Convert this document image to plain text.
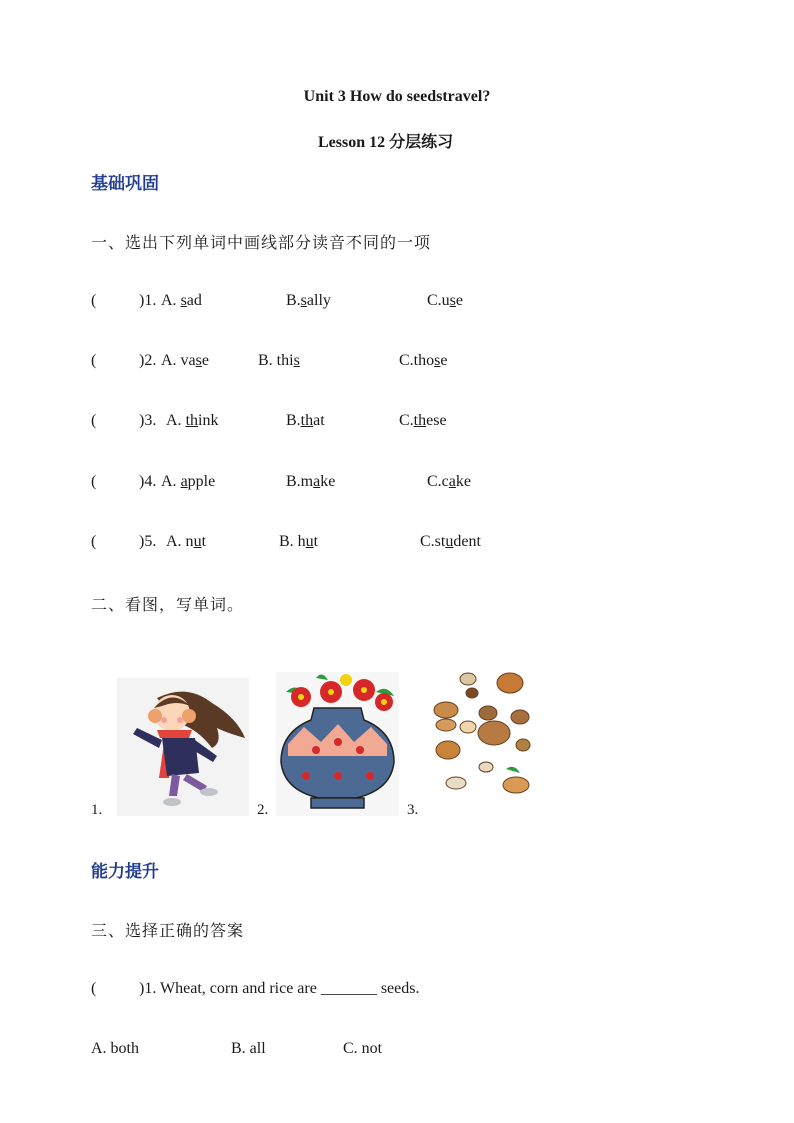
Unit 3 How do seedstravel?
Lesson 12 分层练习
基础巩固
一、选出下列单词中画线部分读音不同的一项
(	)1. A. sad	B.sally	C.use
(	)2. A. vase	B. this	C.those
(	)3. A. think	B.that	C.these
(	)4. A. apple	B.make	C.cake
(	)5. A. nut	B. hut	C.student
二、看图，写单词。
1.	2.	3.
能力提升
三、选择正确的答案
(	)1. Wheat, corn and rice are _______ seeds.
A. both	B. all	C. not
